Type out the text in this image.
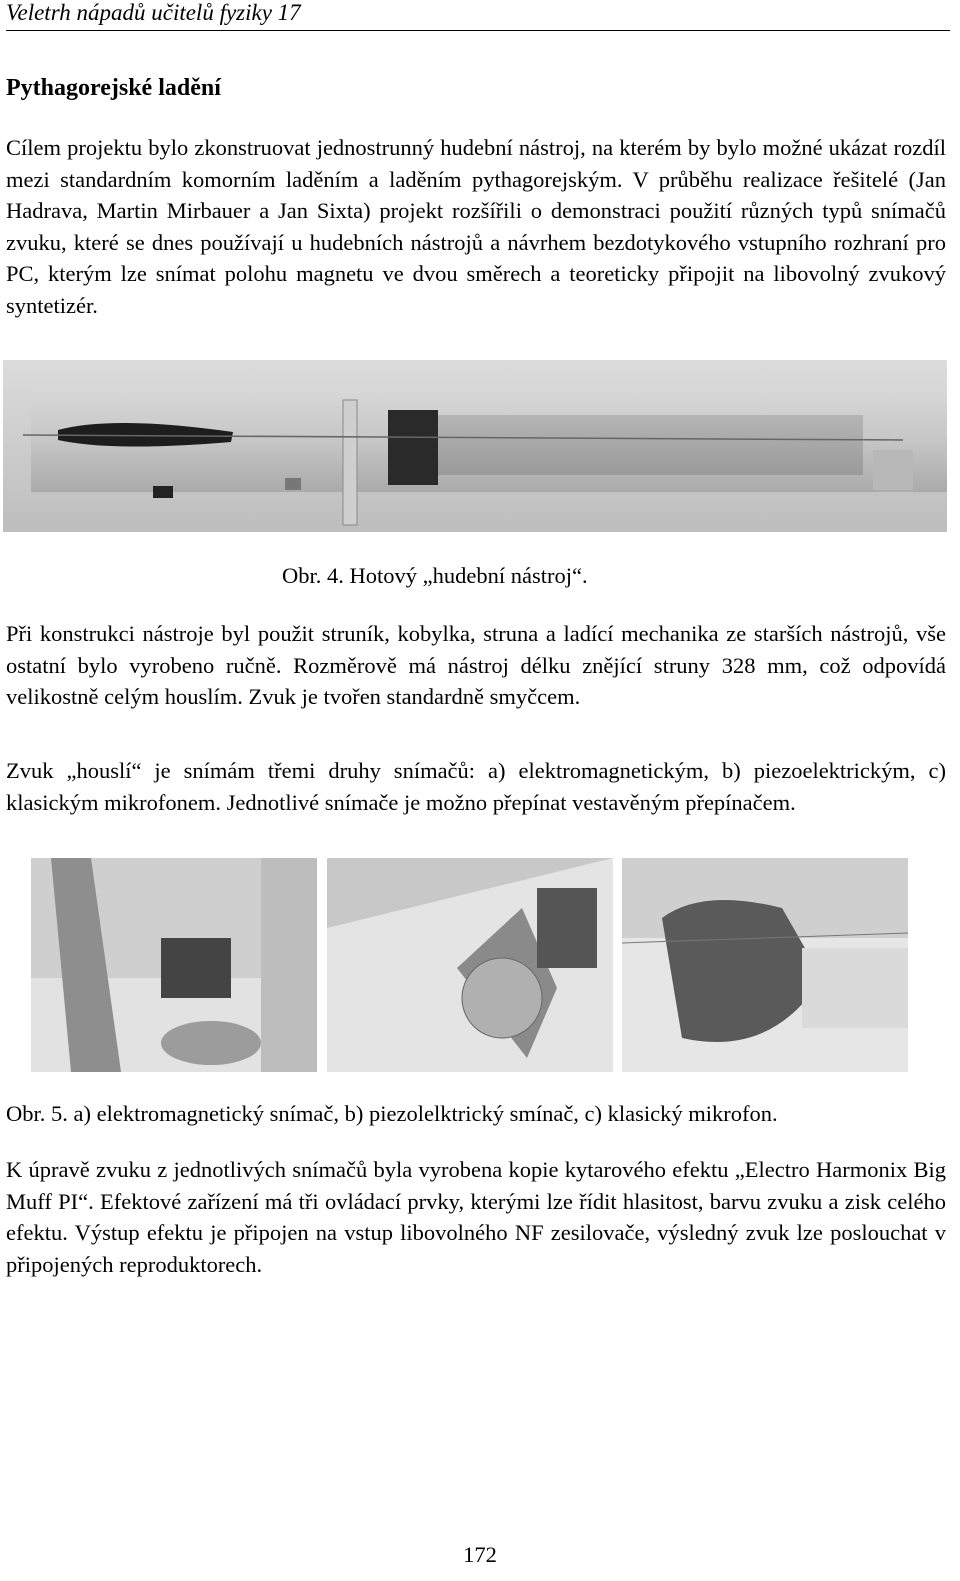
Veletrh nápadů učitelů fyziky 17
Pythagorejské ladění

Cílem projektu bylo zkonstruovat jednostrunný hudební nástroj, na kterém by bylo možné ukázat rozdíl mezi standardním komorním laděním a laděním pythagorejským. V průběhu realizace řešitelé (Jan Hadrava, Martin Mirbauer a Jan Sixta) projekt rozšířili o demonstraci použití různých typů snímačů zvuku, které se dnes používají u hudebních nástrojů a návrhem bezdotykového vstupního rozhraní pro PC, kterým lze snímat polohu magnetu ve dvou směrech a teoreticky připojit na libovolný zvukový syntetizér.

Obr. 4. Hotový „hudební nástroj“.

Při konstrukci nástroje byl použit struník, kobylka, struna a ladící mechanika ze starších nástrojů, vše ostatní bylo vyrobeno ručně. Rozměrově má nástroj délku znějící struny 328 mm, což odpovídá velikostně celým houslím. Zvuk je tvořen standardně smyčcem.

Zvuk „houslí“ je snímám třemi druhy snímačů: a) elektromagnetickým, b) piezoelektrickým, c) klasickým mikrofonem. Jednotlivé snímače je možno přepínat vestavěným přepínačem.

Obr. 5. a) elektromagnetický snímač, b) piezolelktrický smínač, c) klasický mikrofon.

K úpravě zvuku z jednotlivých snímačů byla vyrobena kopie kytarového efektu „Electro Harmonix Big Muff PI“. Efektové zařízení má tři ovládací prvky, kterými lze řídit hlasitost, barvu zvuku a zisk celého efektu. Výstup efektu je připojen na vstup libovolného NF zesilovače, výsledný zvuk lze poslouchat v připojených reproduktorech.

172
